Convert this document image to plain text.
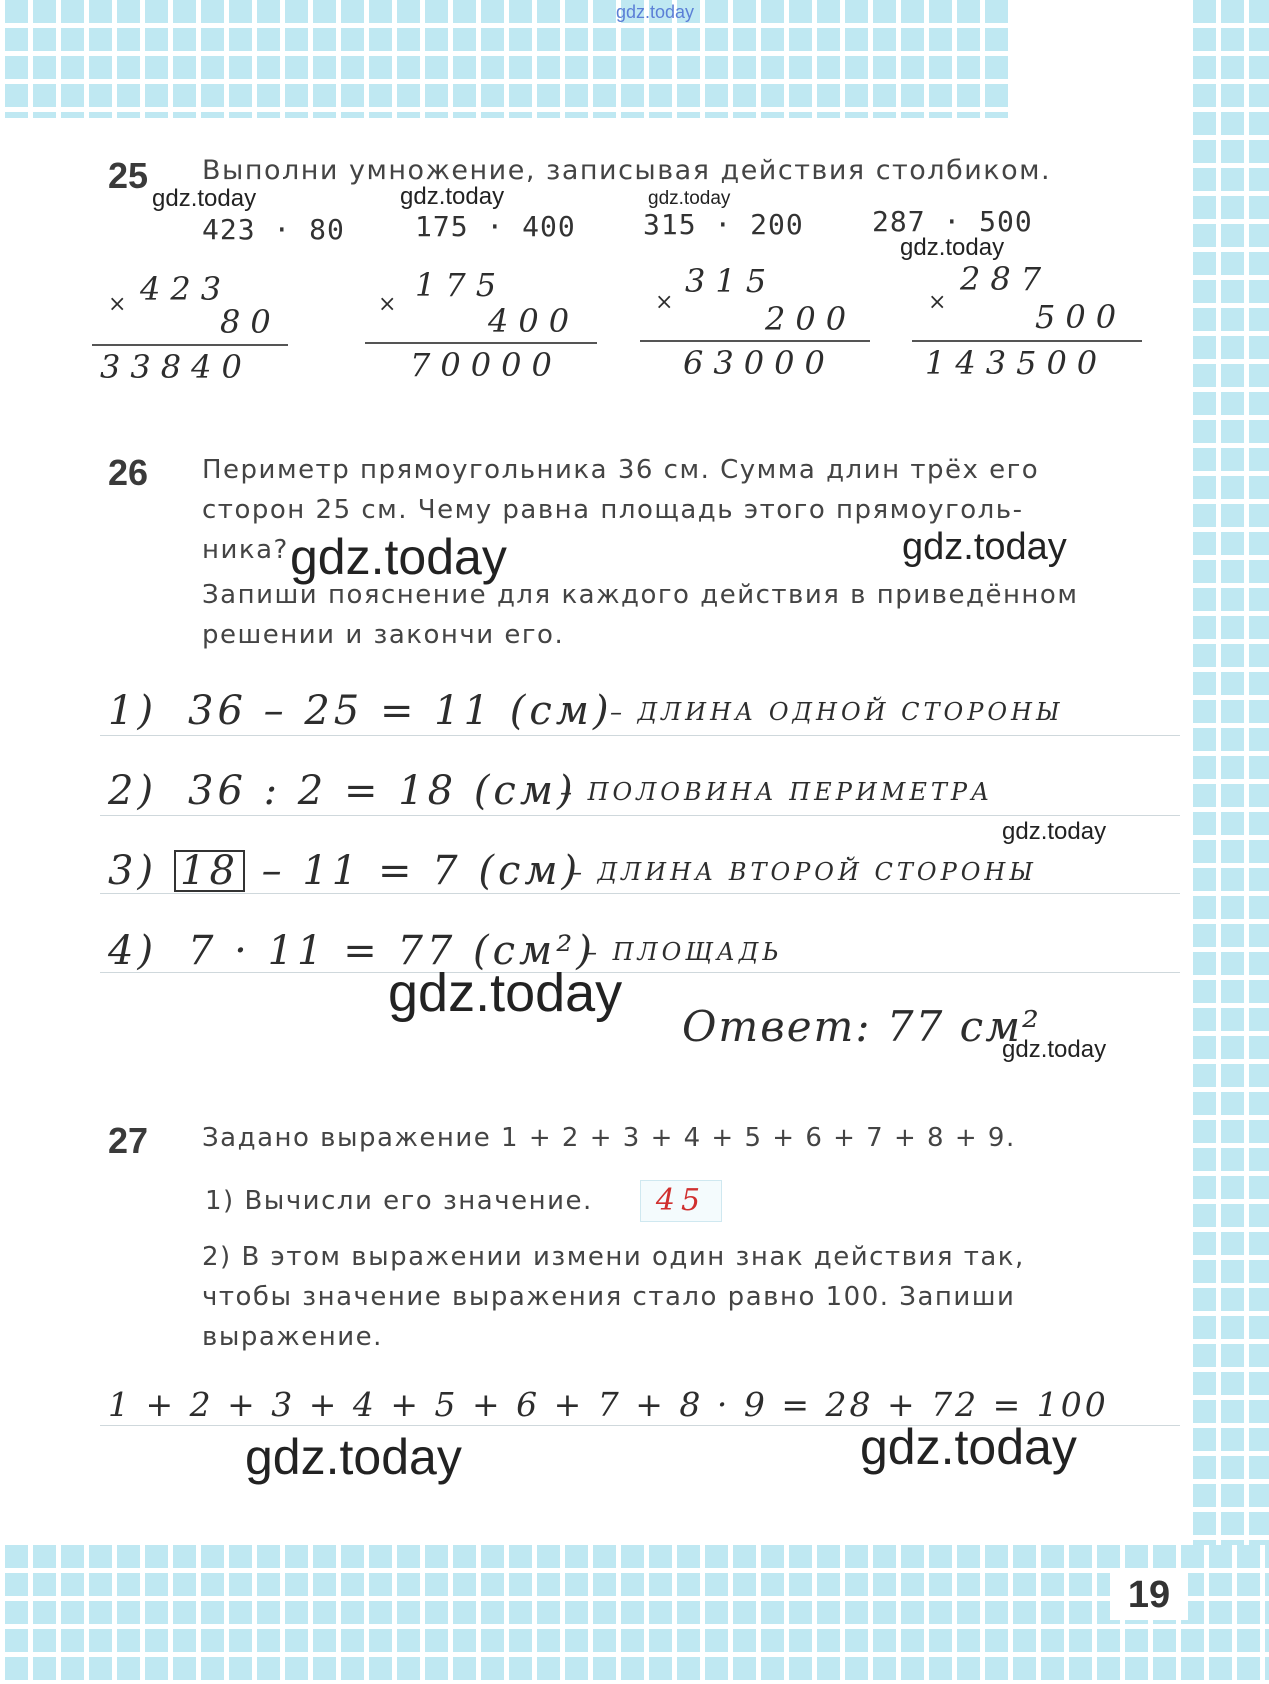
19
gdz.today
25 Выполни умножение, записывая действия столбиком.
gdz.today	gdz.today	gdz.today
gdz.today
423 · 80	175 · 400 315 · 200 287 · 500
× 423
80
33840
×
175
400
70000
×
315
200
63000
×
287
500
143500
26 Периметр прямоугольника 36 см. Сумма длин трёх его
сторон 25 см. Чему равна площадь этого прямоуголь-
ника?
Запиши пояснение для каждого действия в приведённом
решении и закончи его.
gdz.today	gdz.today
1) 36 – 25 = 11 (см)
– ДЛИНА ОДНОЙ СТОРОНЫ
2) 36 : 2 = 18 (см)
– ПОЛОВИНА ПЕРИМЕТРА
gdz.today
3) 18 – 11 = 7 (см)
– ДЛИНА ВТОРОЙ СТОРОНЫ
4) 7 · 11 = 77 (см²)
– ПЛОЩАДЬ
gdz.today
Ответ: 77 см²
gdz.today
27 Задано выражение 1 + 2 + 3 + 4 + 5 + 6 + 7 + 8 + 9.
1) Вычисли его значение.	45
2) В этом выражении измени один знак действия так,
чтобы значение выражения стало равно 100. Запиши
выражение.
1 + 2 + 3 + 4 + 5 + 6 + 7 + 8 · 9 = 28 + 72 = 100
gdz.today	gdz.today
